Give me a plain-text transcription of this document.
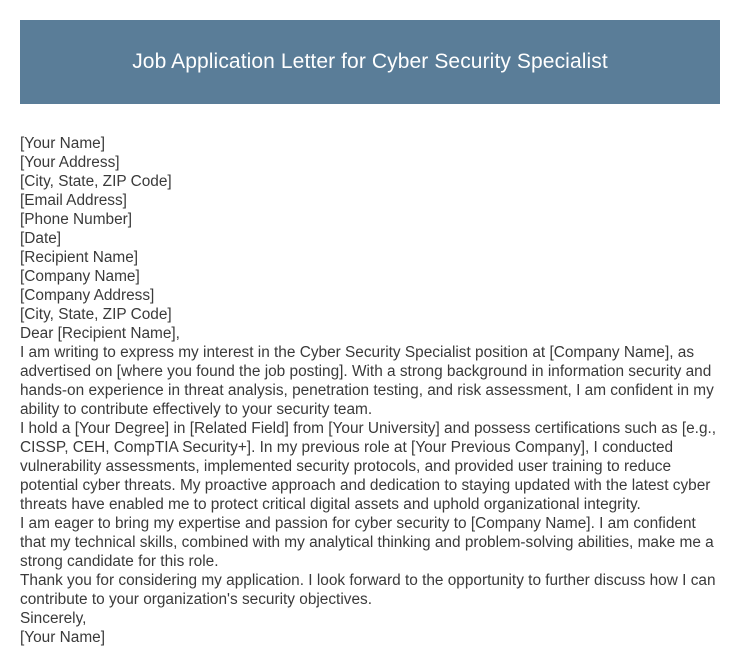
Job Application Letter for Cyber Security Specialist
[Your Name]
[Your Address]
[City, State, ZIP Code]
[Email Address]
[Phone Number]
[Date]
[Recipient Name]
[Company Name]
[Company Address]
[City, State, ZIP Code]
Dear [Recipient Name],

I am writing to express my interest in the Cyber Security Specialist position at [Company Name], as advertised on [where you found the job posting]. With a strong background in information security and hands-on experience in threat analysis, penetration testing, and risk assessment, I am confident in my ability to contribute effectively to your security team.

I hold a [Your Degree] in [Related Field] from [Your University] and possess certifications such as [e.g., CISSP, CEH, CompTIA Security+]. In my previous role at [Your Previous Company], I conducted vulnerability assessments, implemented security protocols, and provided user training to reduce potential cyber threats. My proactive approach and dedication to staying updated with the latest cyber threats have enabled me to protect critical digital assets and uphold organizational integrity.

I am eager to bring my expertise and passion for cyber security to [Company Name]. I am confident that my technical skills, combined with my analytical thinking and problem-solving abilities, make me a strong candidate for this role.

Thank you for considering my application. I look forward to the opportunity to further discuss how I can contribute to your organization's security objectives.

Sincerely,
[Your Name]
